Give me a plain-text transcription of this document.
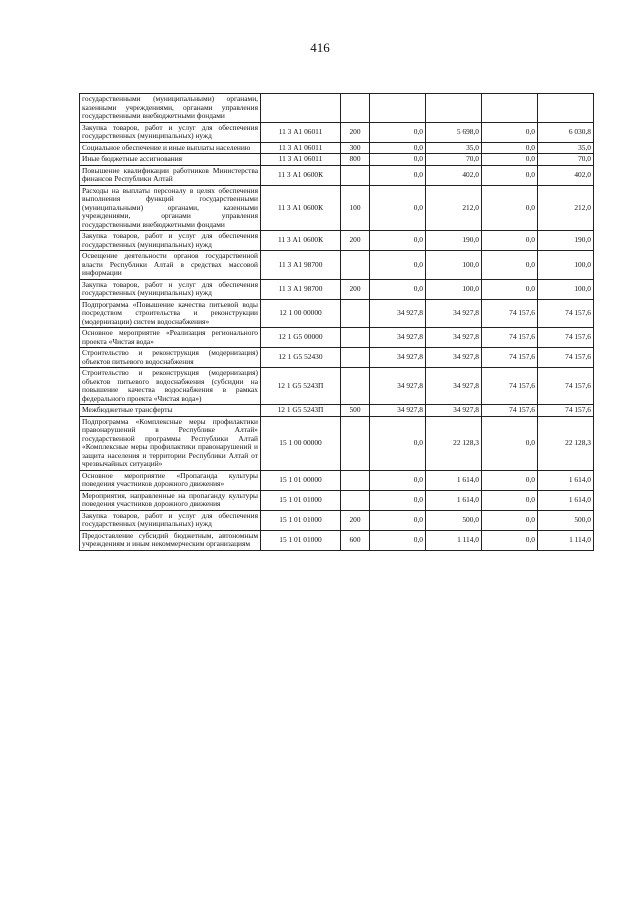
416
государственными (муниципальными) органами, казенными учреждениями, органами управления государственными внебюджетными фондами						
Закупка товаров, работ и услуг для обеспечения государственных (муниципальных) нужд	11 3 А1 06011	200	0,0	5 698,0	0,0	6 030,8
Социальное обеспечение и иные выплаты населению	11 3 А1 06011	300	0,0	35,0	0,0	35,0
Иные бюджетные ассигнования	11 3 А1 06011	800	0,0	70,0	0,0	70,0
Повышение квалификации работников Министерства финансов Республики Алтай	11 3 А1 0600К		0,0	402,0	0,0	402,0
Расходы на выплаты персоналу в целях обеспечения выполнения функций государственными (муниципальными) органами, казенными учреждениями, органами управления государственными внебюджетными фондами	11 3 А1 0600К	100	0,0	212,0	0,0	212,0
Закупка товаров, работ и услуг для обеспечения государственных (муниципальных) нужд	11 3 А1 0600К	200	0,0	190,0	0,0	190,0
Освещение деятельности органов государственной власти Республики Алтай в средствах массовой информации	11 3 А1 98700		0,0	100,0	0,0	100,0
Закупка товаров, работ и услуг для обеспечения государственных (муниципальных) нужд	11 3 А1 98700	200	0,0	100,0	0,0	100,0
Подпрограмма «Повышение качества питьевой воды посредством строительства и реконструкции (модернизации) систем водоснабжения»	12 1 00 00000		34 927,8	34 927,8	74 157,6	74 157,6
Основное мероприятие «Реализация регионального проекта «Чистая вода»	12 1 G5 00000		34 927,8	34 927,8	74 157,6	74 157,6
Строительство и реконструкция (модернизация) объектов питьевого водоснабжения	12 1 G5 52430		34 927,8	34 927,8	74 157,6	74 157,6
Строительство и реконструкция (модернизация) объектов питьевого водоснабжения (субсидии на повышение качества водоснабжения в рамках федерального проекта «Чистая вода»)	12 1 G5 5243П		34 927,8	34 927,8	74 157,6	74 157,6
Межбюджетные трансферты	12 1 G5 5243П	500	34 927,8	34 927,8	74 157,6	74 157,6
Подпрограмма «Комплексные меры профилактики правонарушений в Республике Алтай» государственной программы Республики Алтай «Комплексные меры профилактики правонарушений и защита населения и территории Республики Алтай от чрезвычайных ситуаций»	15 1 00 00000		0,0	22 128,3	0,0	22 128,3
Основное мероприятие «Пропаганда культуры поведения участников дорожного движения»	15 1 01 00000		0,0	1 614,0	0,0	1 614,0
Мероприятия, направленные на пропаганду культуры поведения участников дорожного движения	15 1 01 01000		0,0	1 614,0	0,0	1 614,0
Закупка товаров, работ и услуг для обеспечения государственных (муниципальных) нужд	15 1 01 01000	200	0,0	500,0	0,0	500,0
Предоставление субсидий бюджетным, автономным учреждениям и иным некоммерческим организациям	15 1 01 01000	600	0,0	1 114,0	0,0	1 114,0
